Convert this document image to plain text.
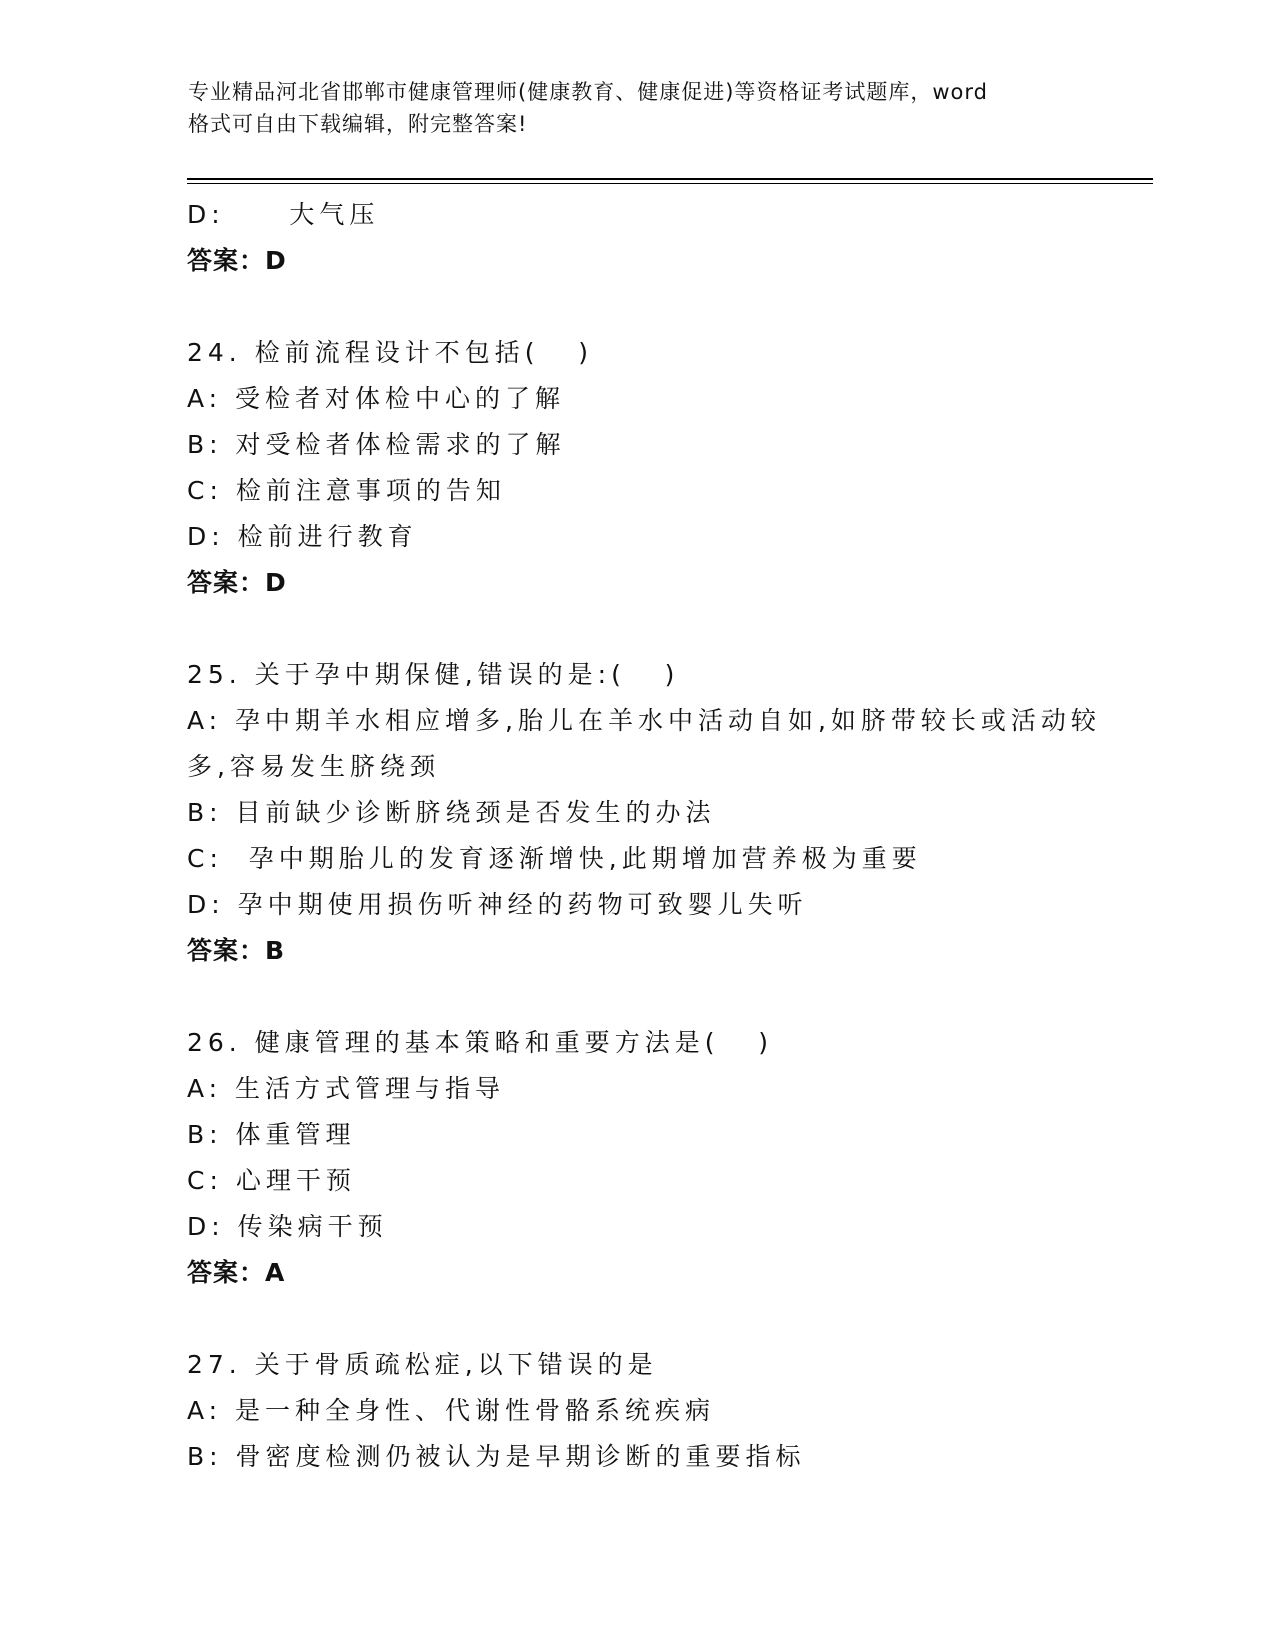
专业精品河北省邯郸市健康管理师(健康教育、健康促进)等资格证考试题库，word
格式可自由下载编辑，附完整答案!
D:     大气压
答案：D
24. 检前流程设计不包括(   )
A: 受检者对体检中心的了解
B: 对受检者体检需求的了解
C: 检前注意事项的告知
D: 检前进行教育
答案：D
25. 关于孕中期保健,错误的是:(   )
A: 孕中期羊水相应增多,胎儿在羊水中活动自如,如脐带较长或活动较
多,容易发生脐绕颈
B: 目前缺少诊断脐绕颈是否发生的办法
C:  孕中期胎儿的发育逐渐增快,此期增加营养极为重要
D: 孕中期使用损伤听神经的药物可致婴儿失听
答案：B
26. 健康管理的基本策略和重要方法是(   )
A: 生活方式管理与指导
B: 体重管理
C: 心理干预
D: 传染病干预
答案：A
27. 关于骨质疏松症,以下错误的是
A: 是一种全身性、代谢性骨骼系统疾病
B: 骨密度检测仍被认为是早期诊断的重要指标
